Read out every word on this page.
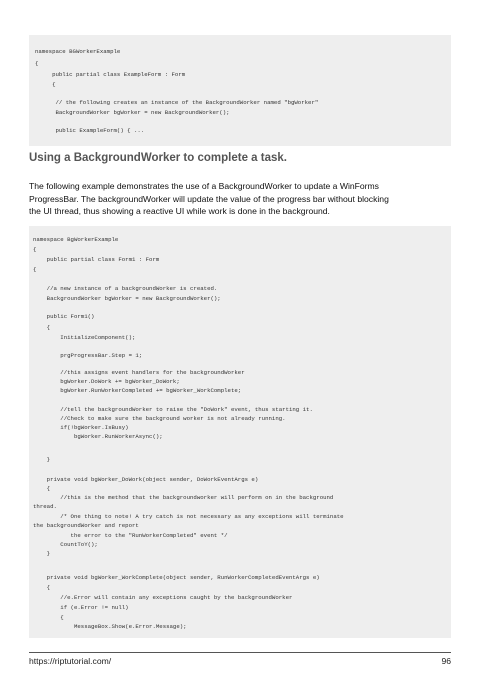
namespace BGWorkerExample
{
public partial class ExampleForm : Form
{
// the following creates an instance of the BackgroundWorker named "bgWorker"
BackgroundWorker bgWorker = new BackgroundWorker();
public ExampleForm() { ...
Using a BackgroundWorker to complete a task.
The following example demonstrates the use of a BackgroundWorker to update a WinForms
ProgressBar. The backgroundWorker will update the value of the progress bar without blocking
the UI thread, thus showing a reactive UI while work is done in the background.
namespace BgWorkerExample
{
public partial class Form1 : Form
{
//a new instance of a backgroundWorker is created.
BackgroundWorker bgWorker = new BackgroundWorker();
public Form1()
{
InitializeComponent();
prgProgressBar.Step = 1;
//this assigns event handlers for the backgroundWorker
bgWorker.DoWork += bgWorker_DoWork;
bgWorker.RunWorkerCompleted += bgWorker_WorkComplete;
//tell the backgroundWorker to raise the "DoWork" event, thus starting it.
//Check to make sure the background worker is not already running.
if(!bgWorker.IsBusy)
bgWorker.RunWorkerAsync();
}
private void bgWorker_DoWork(object sender, DoWorkEventArgs e)
{
//this is the method that the backgroundworker will perform on in the background
thread.
/* One thing to note! A try catch is not necessary as any exceptions will terminate
the backgroundWorker and report
the error to the "RunWorkerCompleted" event */
CountToY();
}
private void bgWorker_WorkComplete(object sender, RunWorkerCompletedEventArgs e)
{
//e.Error will contain any exceptions caught by the backgroundWorker
if (e.Error != null)
{
MessageBox.Show(e.Error.Message);
https://riptutorial.com/	96
